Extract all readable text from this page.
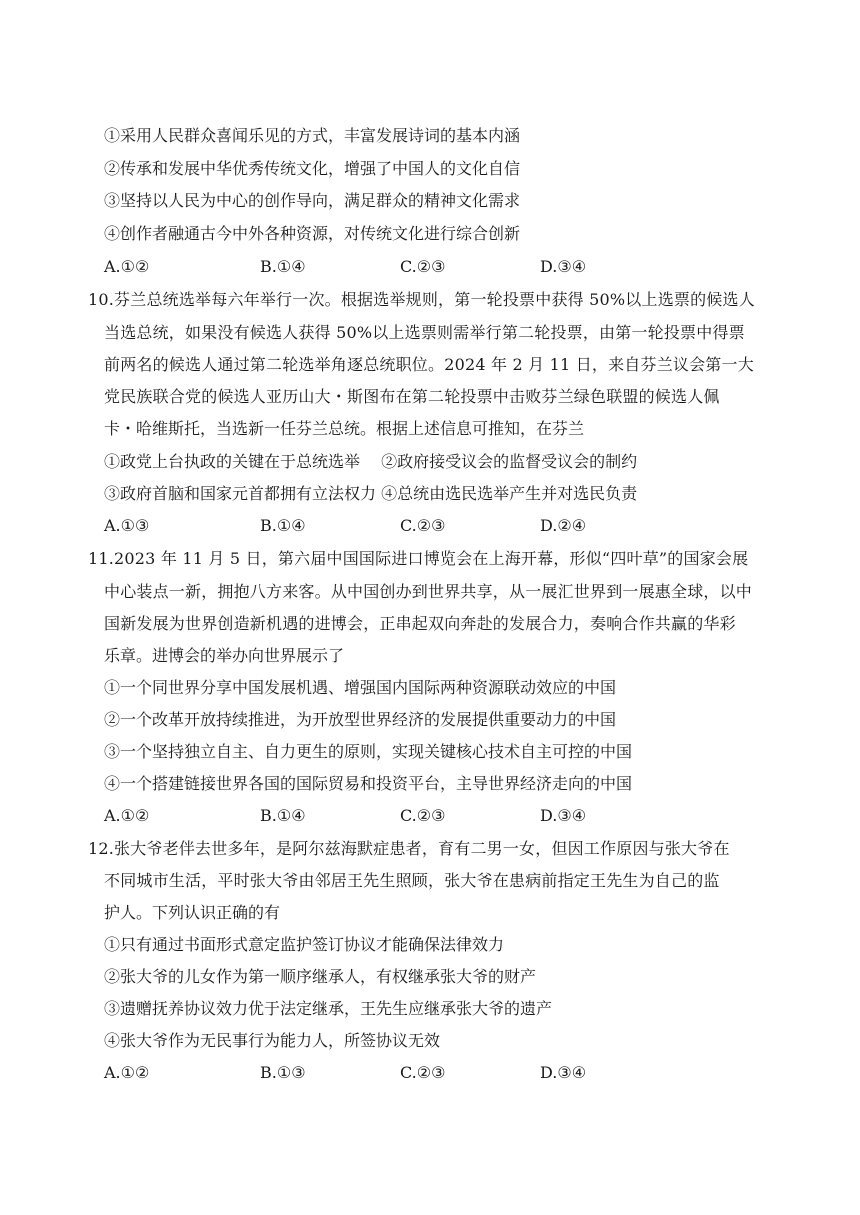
①采用人民群众喜闻乐见的方式，丰富发展诗词的基本内涵
②传承和发展中华优秀传统文化，增强了中国人的文化自信
③坚持以人民为中心的创作导向，满足群众的精神文化需求
④创作者融通古今中外各种资源，对传统文化进行综合创新
A.①②	B.①④	C.②③	D.③④
10.芬兰总统选举每六年举行一次。根据选举规则，第一轮投票中获得 50%以上选票的候选人
当选总统，如果没有候选人获得 50%以上选票则需举行第二轮投票，由第一轮投票中得票
前两名的候选人通过第二轮选举角逐总统职位。2024 年 2 月 11 日，来自芬兰议会第一大
党民族联合党的候选人亚历山大・斯图布在第二轮投票中击败芬兰绿色联盟的候选人佩
卡・哈维斯托，当选新一任芬兰总统。根据上述信息可推知，在芬兰
①政党上台执政的关键在于总统选举　 ②政府接受议会的监督受议会的制约
③政府首脑和国家元首都拥有立法权力 ④总统由选民选举产生并对选民负责
A.①③	B.①④	C.②③	D.②④
11.2023 年 11 月 5 日，第六届中国国际进口博览会在上海开幕，形似“四叶草”的国家会展
中心装点一新，拥抱八方来客。从中国创办到世界共享，从一展汇世界到一展惠全球，以中
国新发展为世界创造新机遇的进博会，正串起双向奔赴的发展合力，奏响合作共赢的华彩
乐章。进博会的举办向世界展示了
①一个同世界分享中国发展机遇、增强国内国际两种资源联动效应的中国
②一个改革开放持续推进，为开放型世界经济的发展提供重要动力的中国
③一个坚持独立自主、自力更生的原则，实现关键核心技术自主可控的中国
④一个搭建链接世界各国的国际贸易和投资平台，主导世界经济走向的中国
A.①②	B.①④	C.②③	D.③④
12.张大爷老伴去世多年，是阿尔兹海默症患者，育有二男一女，但因工作原因与张大爷在
不同城市生活，平时张大爷由邻居王先生照顾，张大爷在患病前指定王先生为自己的监
护人。下列认识正确的有
①只有通过书面形式意定监护签订协议才能确保法律效力
②张大爷的儿女作为第一顺序继承人，有权继承张大爷的财产
③遗赠抚养协议效力优于法定继承，王先生应继承张大爷的遗产
④张大爷作为无民事行为能力人，所签协议无效
A.①②	B.①③	C.②③	D.③④
